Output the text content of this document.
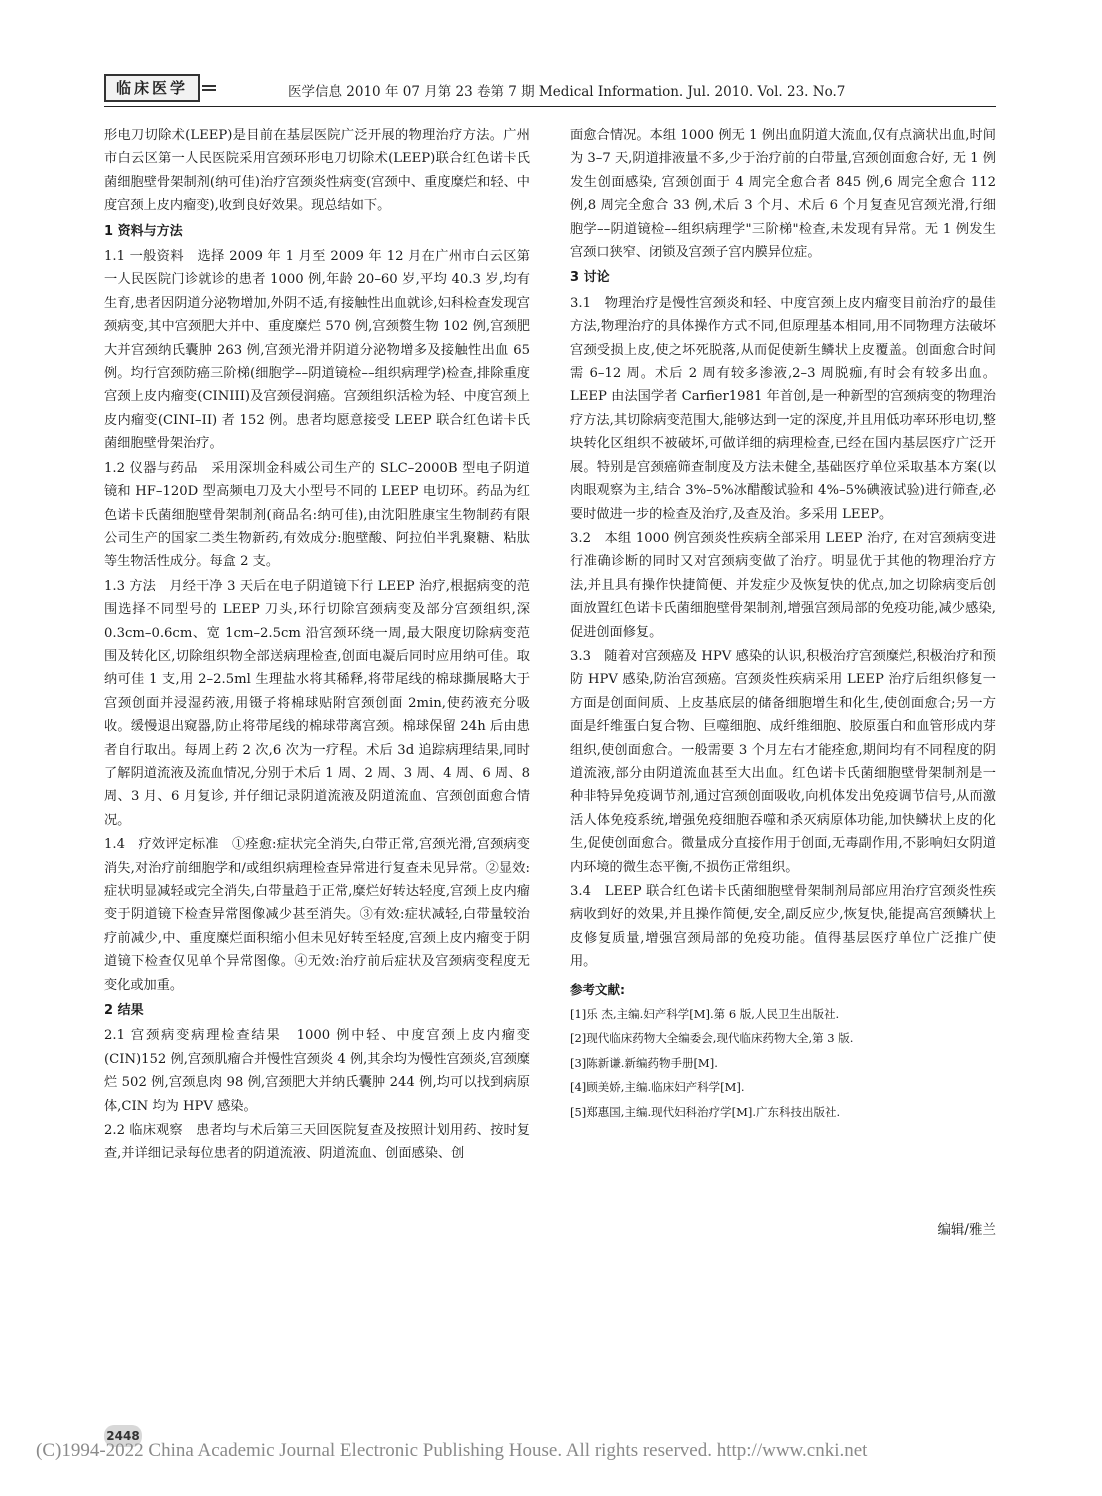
临床医学	医学信息 2010 年 07 月第 23 卷第 7 期 Medical Information. Jul. 2010. Vol. 23. No.7

形电刀切除术(LEEP)是目前在基层医院广泛开展的物理治疗方法。广州市白云区第一人民医院采用宫颈环形电刀切除术(LEEP)联合红色诺卡氏菌细胞壁骨架制剂(纳可佳)治疗宫颈炎性病变(宫颈中、重度糜烂和轻、中度宫颈上皮内瘤变),收到良好效果。现总结如下。

1 资料与方法

1.1 一般资料　选择 2009 年 1 月至 2009 年 12 月在广州市白云区第一人民医院门诊就诊的患者 1000 例,年龄 20–60 岁,平均 40.3 岁,均有生育,患者因阴道分泌物增加,外阴不适,有接触性出血就诊,妇科检查发现宫颈病变,其中宫颈肥大并中、重度糜烂 570 例,宫颈赘生物 102 例,宫颈肥大并宫颈纳氏囊肿 263 例,宫颈光滑并阴道分泌物增多及接触性出血 65 例。均行宫颈防癌三阶梯(细胞学––阴道镜检––组织病理学)检查,排除重度宫颈上皮内瘤变(CINIII)及宫颈侵润癌。宫颈组织活检为轻、中度宫颈上皮内瘤变(CINI–II) 者 152 例。患者均愿意接受 LEEP 联合红色诺卡氏菌细胞壁骨架治疗。

1.2 仪器与药品　采用深圳金科威公司生产的 SLC–2000B 型电子阴道镜和 HF–120D 型高频电刀及大小型号不同的 LEEP 电切环。药品为红色诺卡氏菌细胞壁骨架制剂(商品名:纳可佳),由沈阳胜康宝生物制药有限公司生产的国家二类生物新药,有效成分:胞壁酸、阿拉伯半乳聚糖、粘肽等生物活性成分。每盒 2 支。

1.3 方法　月经干净 3 天后在电子阴道镜下行 LEEP 治疗,根据病变的范围选择不同型号的 LEEP 刀头,环行切除宫颈病变及部分宫颈组织,深 0.3cm–0.6cm、宽 1cm–2.5cm 沿宫颈环绕一周,最大限度切除病变范围及转化区,切除组织物全部送病理检查,创面电凝后同时应用纳可佳。取纳可佳 1 支,用 2–2.5ml 生理盐水将其稀释,将带尾线的棉球撕展略大于宫颈创面并浸湿药液,用镊子将棉球贴附宫颈创面 2min,使药液充分吸收。缓慢退出窥器,防止将带尾线的棉球带离宫颈。棉球保留 24h 后由患者自行取出。每周上药 2 次,6 次为一疗程。术后 3d 追踪病理结果,同时了解阴道流液及流血情况,分别于术后 1 周、2 周、3 周、4 周、6 周、8 周、3 月、6 月复诊, 并仔细记录阴道流液及阴道流血、宫颈创面愈合情况。

1.4　疗效评定标准　①痊愈:症状完全消失,白带正常,宫颈光滑,宫颈病变消失,对治疗前细胞学和/或组织病理检查异常进行复查未见异常。②显效:症状明显减轻或完全消失,白带量趋于正常,糜烂好转达轻度,宫颈上皮内瘤变于阴道镜下检查异常图像减少甚至消失。③有效:症状减轻,白带量较治疗前减少,中、重度糜烂面积缩小但未见好转至轻度,宫颈上皮内瘤变于阴道镜下检查仅见单个异常图像。④无效:治疗前后症状及宫颈病变程度无变化或加重。

2 结果

2.1 宫颈病变病理检查结果　1000 例中轻、中度宫颈上皮内瘤变(CIN)152 例,宫颈肌瘤合并慢性宫颈炎 4 例,其余均为慢性宫颈炎,宫颈糜烂 502 例,宫颈息肉 98 例,宫颈肥大并纳氏囊肿 244 例,均可以找到病原体,CIN 均为 HPV 感染。

2.2 临床观察　患者均与术后第三天回医院复查及按照计划用药、按时复查,并详细记录每位患者的阴道流液、阴道流血、创面感染、创

面愈合情况。本组 1000 例无 1 例出血阴道大流血,仅有点滴状出血,时间为 3–7 天,阴道排液量不多,少于治疗前的白带量,宫颈创面愈合好, 无 1 例发生创面感染, 宫颈创面于 4 周完全愈合者 845 例,6 周完全愈合 112 例,8 周完全愈合 33 例,术后 3 个月、术后 6 个月复查见宫颈光滑,行细胞学––阴道镜检––组织病理学"三阶梯"检查,未发现有异常。无 1 例发生宫颈口狭窄、闭锁及宫颈子宫内膜异位症。

3 讨论

3.1　物理治疗是慢性宫颈炎和轻、中度宫颈上皮内瘤变目前治疗的最佳方法,物理治疗的具体操作方式不同,但原理基本相同,用不同物理方法破坏宫颈受损上皮,使之坏死脱落,从而促使新生鳞状上皮覆盖。创面愈合时间需 6–12 周。术后 2 周有较多渗液,2–3 周脱痂,有时会有较多出血。LEEP 由法国学者 Carfier1981 年首创,是一种新型的宫颈病变的物理治疗方法,其切除病变范围大,能够达到一定的深度,并且用低功率环形电切,整块转化区组织不被破坏,可做详细的病理检查,已经在国内基层医疗广泛开展。特别是宫颈癌筛查制度及方法未健全,基础医疗单位采取基本方案(以肉眼观察为主,结合 3%–5%冰醋酸试验和 4%–5%碘液试验)进行筛查,必要时做进一步的检查及治疗,及查及治。多采用 LEEP。

3.2　本组 1000 例宫颈炎性疾病全部采用 LEEP 治疗, 在对宫颈病变进行准确诊断的同时又对宫颈病变做了治疗。明显优于其他的物理治疗方法,并且具有操作快捷简便、并发症少及恢复快的优点,加之切除病变后创面放置红色诺卡氏菌细胞壁骨架制剂,增强宫颈局部的免疫功能,减少感染,促进创面修复。

3.3　随着对宫颈癌及 HPV 感染的认识,积极治疗宫颈糜烂,积极治疗和预防 HPV 感染,防治宫颈癌。宫颈炎性疾病采用 LEEP 治疗后组织修复一方面是创面间质、上皮基底层的储备细胞增生和化生,使创面愈合;另一方面是纤维蛋白复合物、巨噬细胞、成纤维细胞、胶原蛋白和血管形成内芽组织,使创面愈合。一般需要 3 个月左右才能痊愈,期间均有不同程度的阴道流液,部分由阴道流血甚至大出血。红色诺卡氏菌细胞壁骨架制剂是一种非特异免疫调节剂,通过宫颈创面吸收,向机体发出免疫调节信号,从而激活人体免疫系统,增强免疫细胞吞噬和杀灭病原体功能,加快鳞状上皮的化生,促使创面愈合。微量成分直接作用于创面,无毒副作用,不影响妇女阴道内环境的微生态平衡,不损伤正常组织。

3.4　LEEP 联合红色诺卡氏菌细胞壁骨架制剂局部应用治疗宫颈炎性疾病收到好的效果,并且操作简便,安全,副反应少,恢复快,能提高宫颈鳞状上皮修复质量,增强宫颈局部的免疫功能。值得基层医疗单位广泛推广使用。

参考文献:

[1]乐 杰,主编.妇产科学[M].第 6 版,人民卫生出版社.

[2]现代临床药物大全编委会,现代临床药物大全,第 3 版.

[3]陈新谦.新编药物手册[M].

[4]顾美娇,主编.临床妇产科学[M].

[5]郑惠国,主编.现代妇科治疗学[M].广东科技出版社.

编辑/雅兰
2448
(C)1994-2022 China Academic Journal Electronic Publishing House. All rights reserved. http://www.cnki.net
